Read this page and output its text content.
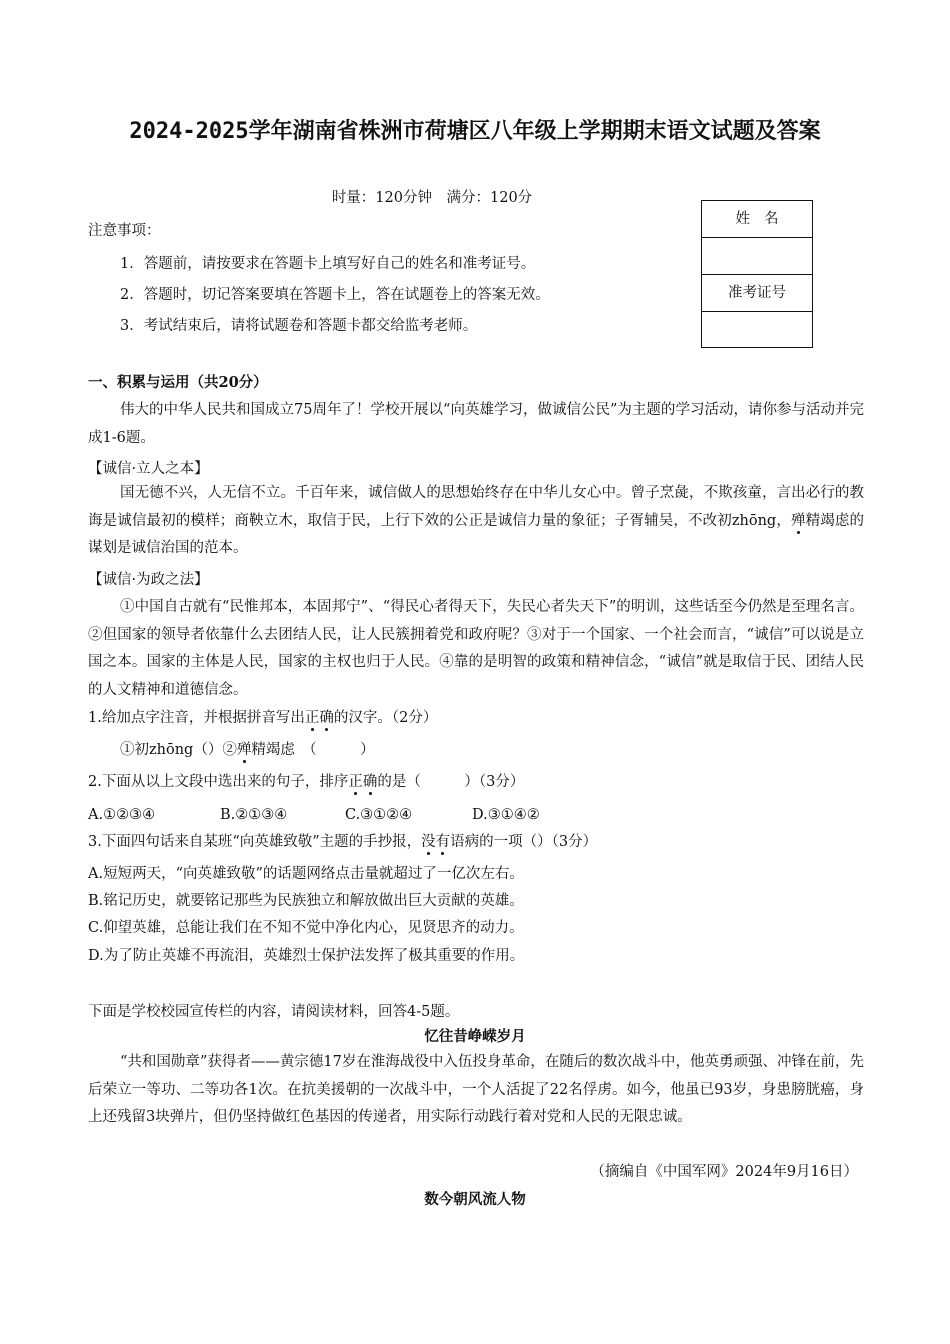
2024-2025学年湖南省株洲市荷塘区八年级上学期期末语文试题及答案
时量：120分钟　满分：120分
姓名
准考证号
注意事项：
1．答题前，请按要求在答题卡上填写好自己的姓名和准考证号。
2．答题时，切记答案要填在答题卡上，答在试题卷上的答案无效。
3．考试结束后，请将试题卷和答题卡都交给监考老师。
一、积累与运用（共20分）

伟大的中华人民共和国成立75周年了！学校开展以“向英雄学习，做诚信公民”为主题的学习活动，请你参与活动并完成1-6题。

【诚信·立人之本】

国无德不兴，人无信不立。千百年来，诚信做人的思想始终存在中华儿女心中。曾子烹彘，不欺孩童，言出必行的教诲是诚信最初的模样；商鞅立木，取信于民，上行下效的公正是诚信力量的象征；子胥辅吴，不改初zhōng，殚精竭虑的谋划是诚信治国的范本。

【诚信·为政之法】

①中国自古就有“民惟邦本，本固邦宁”、“得民心者得天下，失民心者失天下”的明训，这些话至今仍然是至理名言。②但国家的领导者依靠什么去团结人民，让人民簇拥着党和政府呢？③对于一个国家、一个社会而言，“诚信”可以说是立国之本。国家的主体是人民，国家的主权也归于人民。④靠的是明智的政策和精神信念，“诚信”就是取信于民、团结人民的人文精神和道德信念。

1.给加点字注音，并根据拼音写出正确的汉字。（2分）
①初zhōng（）②殚精竭虑　（　　　）
2.下面从以上文段中选出来的句子，排序正确的是（　　　）（3分）
A.①②③④	B.②①③④	C.③①②④	D.③①④②
3.下面四句话来自某班“向英雄致敬”主题的手抄报，没有语病的一项（）（3分）
A.短短两天，“向英雄致敬”的话题网络点击量就超过了一亿次左右。
B.铭记历史，就要铭记那些为民族独立和解放做出巨大贡献的英雄。
C.仰望英雄，总能让我们在不知不觉中净化内心，见贤思齐的动力。
D.为了防止英雄不再流泪，英雄烈士保护法发挥了极其重要的作用。
下面是学校校园宣传栏的内容，请阅读材料，回答4-5题。
忆往昔峥嵘岁月

“共和国勋章”获得者——黄宗德17岁在淮海战役中入伍投身革命，在随后的数次战斗中，他英勇顽强、冲锋在前，先后荣立一等功、二等功各1次。在抗美援朝的一次战斗中，一个人活捉了22名俘虏。如今，他虽已93岁，身患膀胱癌，身上还残留3块弹片，但仍坚持做红色基因的传递者，用实际行动践行着对党和人民的无限忠诚。

（摘编自《中国军网》2024年9月16日）
数今朝风流人物
